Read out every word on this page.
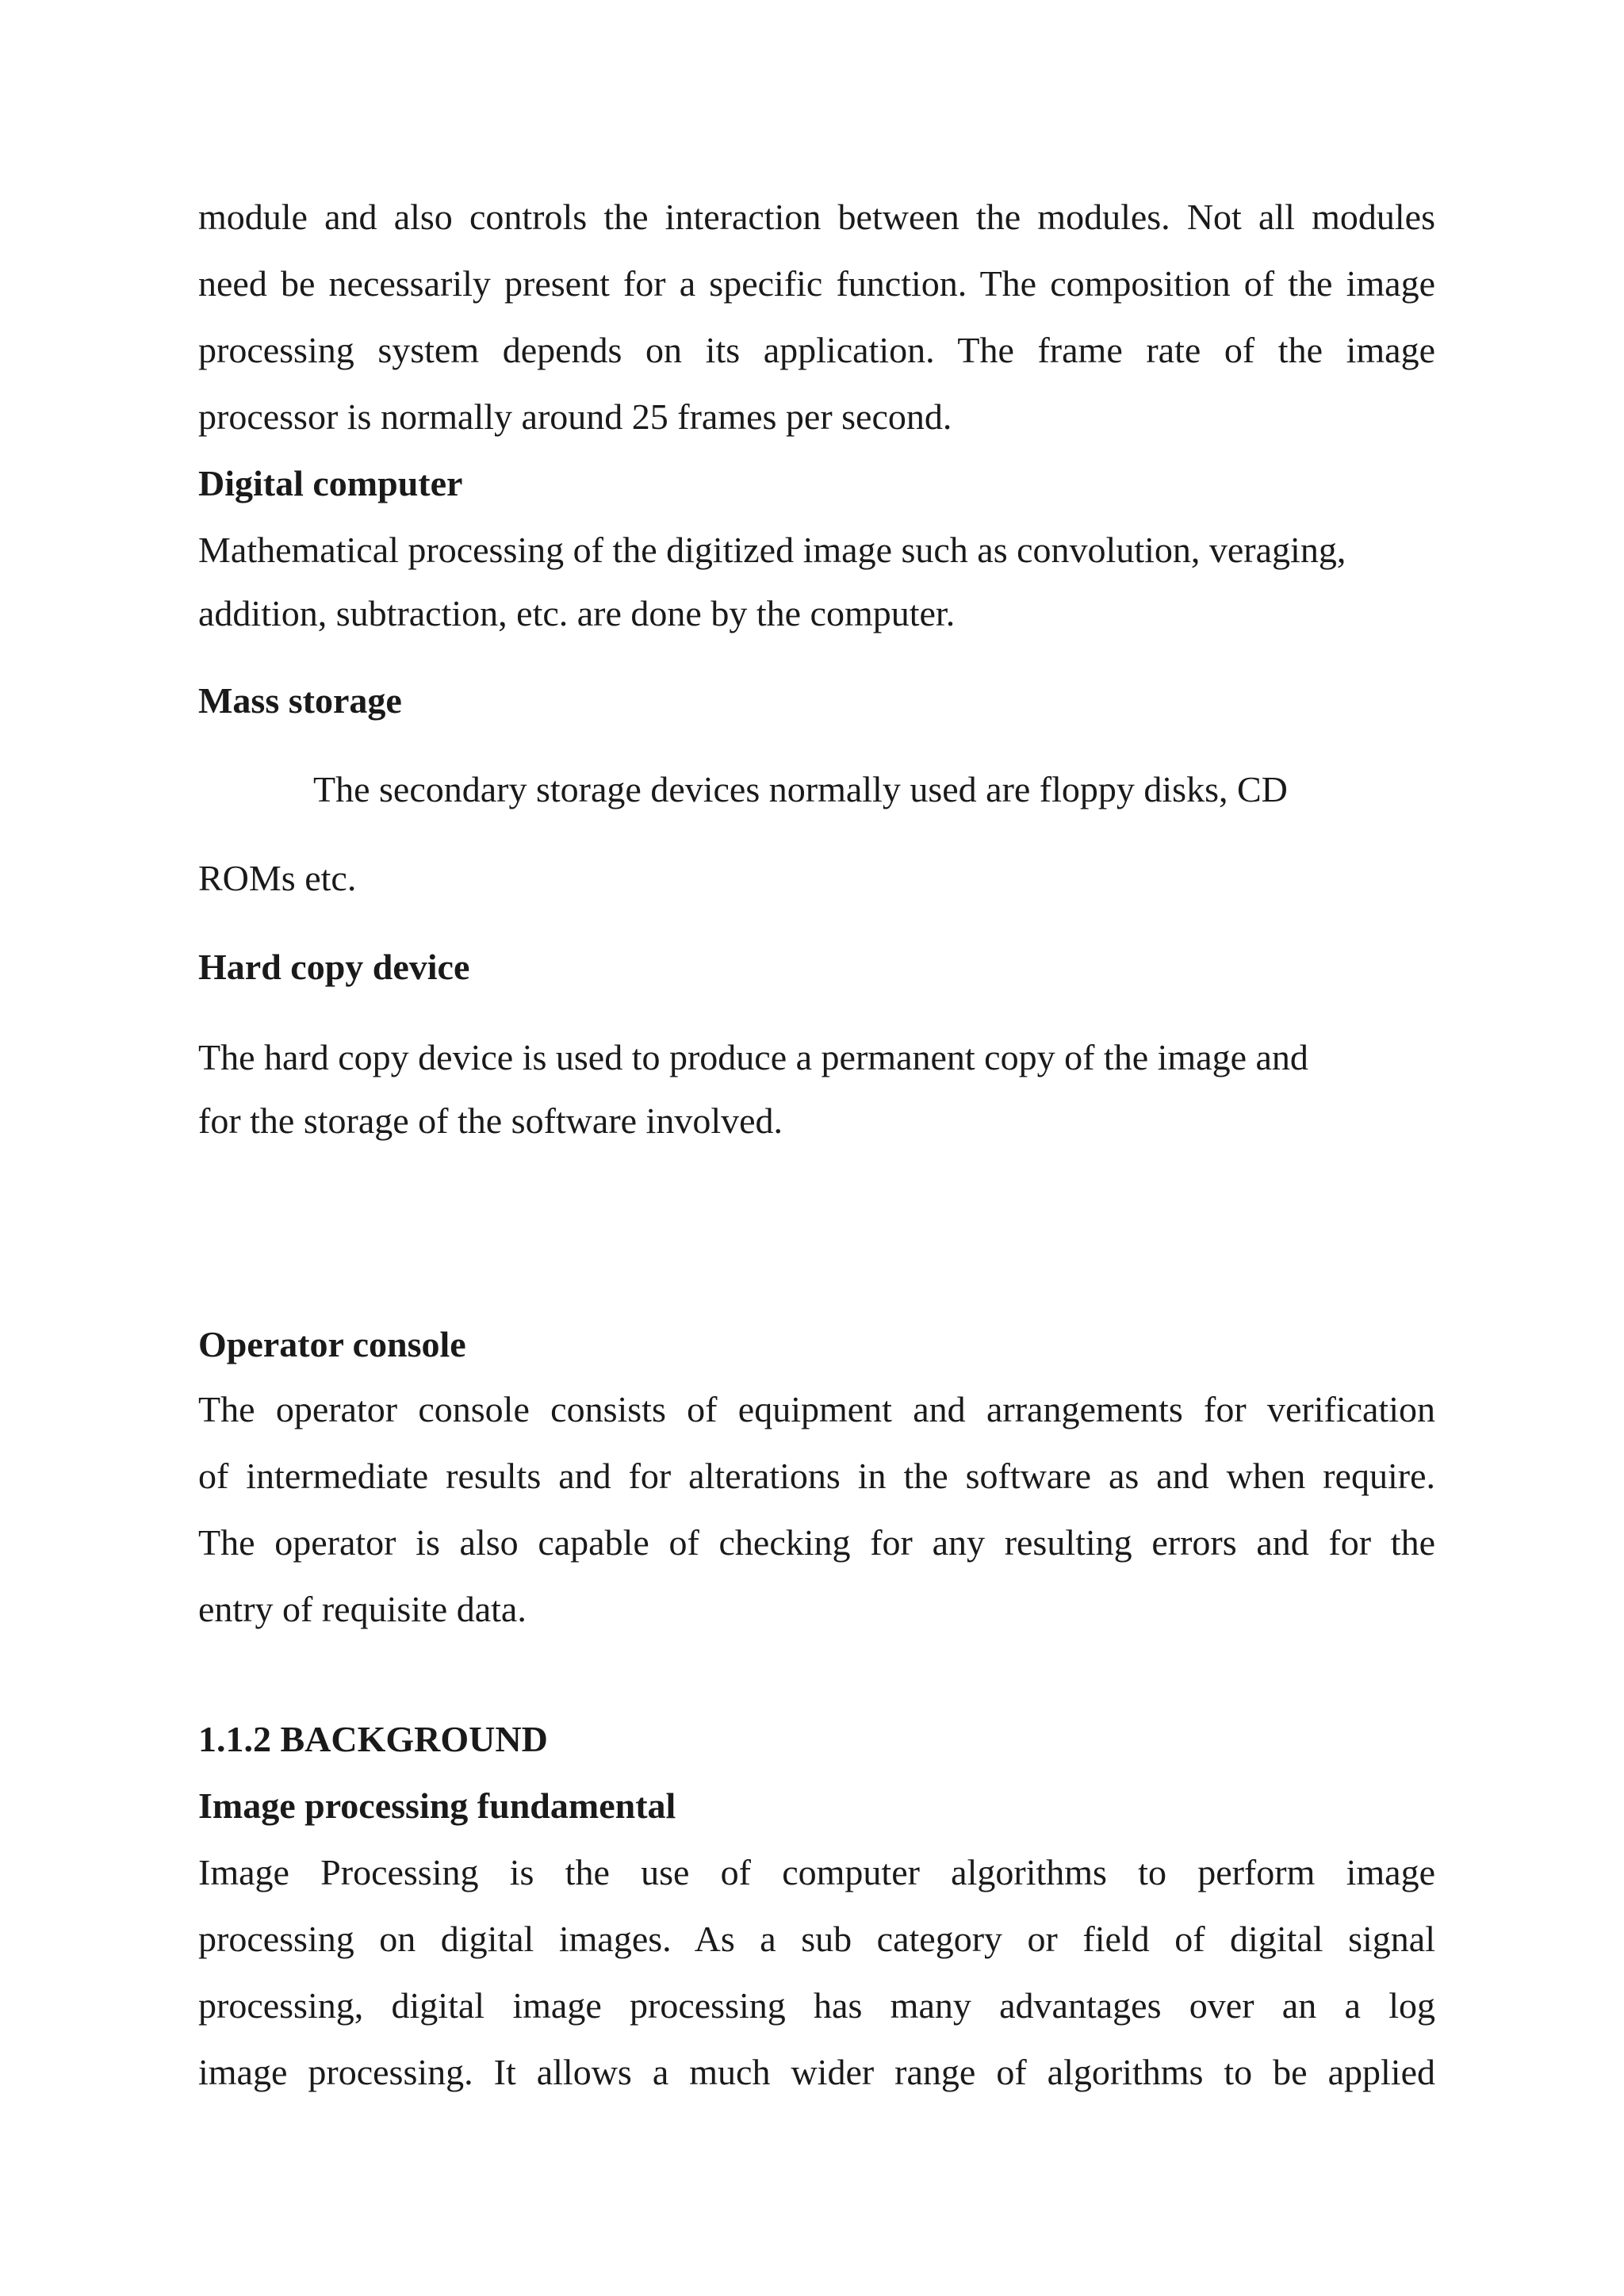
module and also controls the interaction between the modules. Not all modules

need be necessarily present for a specific function. The composition of the image

processing system depends on its application. The frame rate of the image

processor is normally around 25 frames per second.

Digital computer

Mathematical processing of the digitized image such as convolution, veraging,

addition, subtraction, etc. are done by the computer.

Mass storage

The secondary storage devices normally used are floppy disks, CD

ROMs etc.

Hard copy device

The hard copy device is used to produce a permanent copy of the image and

for the storage of the software involved.

Operator console

The operator console consists of equipment and arrangements for verification

of intermediate results and for alterations in the software as and when require.

The operator is also capable of checking for any resulting errors and for the

entry of requisite data.

1.1.2 BACKGROUND

Image processing fundamental

Image Processing is the use of computer algorithms to perform image

processing on digital images. As a sub category or field of digital signal

processing, digital image processing has many advantages over an a log

image processing. It allows a much wider range of algorithms to be applied
